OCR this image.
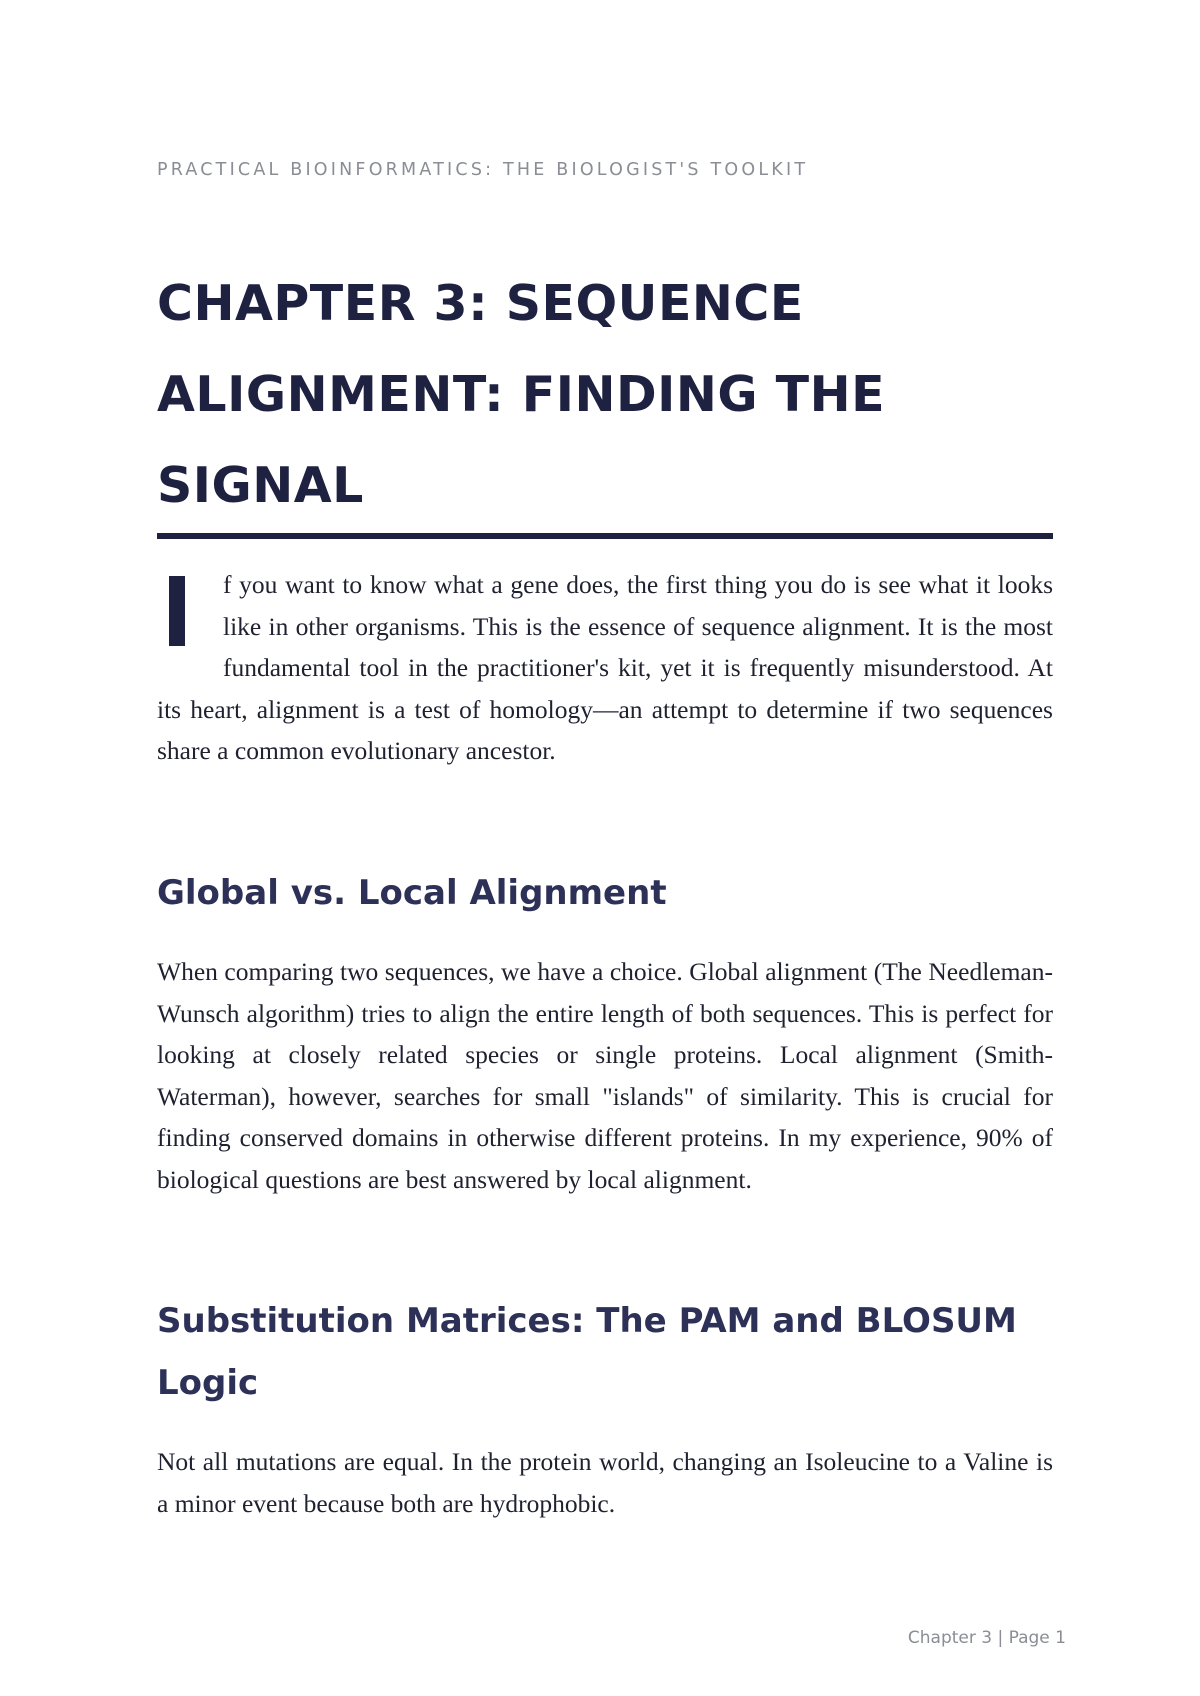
PRACTICAL BIOINFORMATICS: THE BIOLOGIST'S TOOLKIT
CHAPTER 3: SEQUENCE ALIGNMENT: FINDING THE SIGNAL

f you want to know what a gene does, the first thing you do is see what it looks like in other organisms. This is the essence of sequence alignment. It is the most fundamental tool in the practitioner's kit, yet it is frequently misunderstood. At its heart, alignment is a test of homology—an attempt to determine if two sequences share a common evolutionary ancestor.

Global vs. Local Alignment

When comparing two sequences, we have a choice. Global alignment (The Needleman-Wunsch algorithm) tries to align the entire length of both sequences. This is perfect for looking at closely related species or single proteins. Local alignment (Smith-Waterman), however, searches for small "islands" of similarity. This is crucial for finding conserved domains in otherwise different proteins. In my experience, 90% of biological questions are best answered by local alignment.

Substitution Matrices: The PAM and BLOSUM Logic

Not all mutations are equal. In the protein world, changing an Isoleucine to a Valine is a minor event because both are hydrophobic.

Chapter 3 | Page 1
